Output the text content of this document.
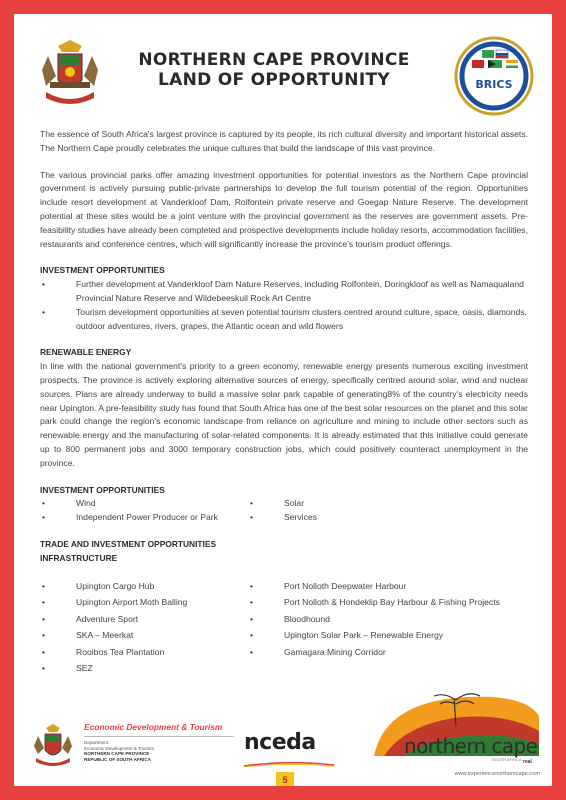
NORTHERN CAPE PROVINCE
LAND OF OPPORTUNITY	BRICS

The essence of South Africa's largest province is captured by its people, its rich cultural diversity and important historical assets. The Northern Cape proudly celebrates the unique cultures that build the landscape of this vast province.

The various provincial parks offer amazing investment opportunities for potential investors as the Northern Cape provincial government is actively pursuing public-private partnerships to develop the full tourism potential of the region. Opportunities include resort development at Vanderkloof Dam, Rolfontein private reserve and Goegap Nature Reserve. The development potential at these sites would be a joint venture with the provincial government as the reserves are government assets. Pre-feasibility studies have already been completed and prospective developments include holiday resorts, accommodation facilities, restaurants and conference centres, which will significantly increase the province's tourism product offerings.

INVESTMENT OPPORTUNITIES

• Further development at Vanderkloof Dam Nature Reserves, including Rolfontein, Doringkloof as well as Namaqualand Provincial Nature Reserve and Wildebeeskuil Rock Art Centre
• Tourism development opportunities at seven potential tourism clusters centred around culture, space, oasis, diamonds, outdoor adventures, rivers, grapes, the Atlantic ocean and wild flowers

RENEWABLE ENERGY

In line with the national government's priority to a green economy, renewable energy presents numerous exciting investment prospects. The province is actively exploring alternative sources of energy, specifically centred around solar, wind and nuclear sources. Plans are already underway to build a massive solar park capable of generating8% of the country's electricity needs near Upington. A pre-feasibility study has found that South Africa has one of the best solar resources on the planet and this solar park could change the region's economic landscape from reliance on agriculture and mining to include other sectors such as renewable energy and the manufacturing of solar-related components. It is already estimated that this initiative could generate up to 800 permanent jobs and 3000 temporary construction jobs, which could positively counteract unemployment in the province.

INVESTMENT OPPORTUNITIES

• Wind	• Solar
• Independent Power Producer or Park	• Services

TRADE AND INVESTMENT OPPORTUNITIES

INFRASTRUCTURE

• Upington Cargo Hub	• Port Nolloth Deepwater Harbour
• Upington Airport Moth Balling	• Port Nolloth & Hondeklip Bay Harbour & Fishing Projects
• Adventure Sport	• Bloodhound
• SKA – Meerkat	• Upington Solar Park – Renewable Energy
• Rooibos Tea Plantation	• Gamagara Mining Corridor
• SEZ
Economic Development & Tourism
Department:
Economic Development & Tourism
NORTHERN CAPE PROVINCE
REPUBLIC OF SOUTH AFRICA
nceda	northern cape
SOUTH AFRICA real
www.experiencenorthemcape.com
5
